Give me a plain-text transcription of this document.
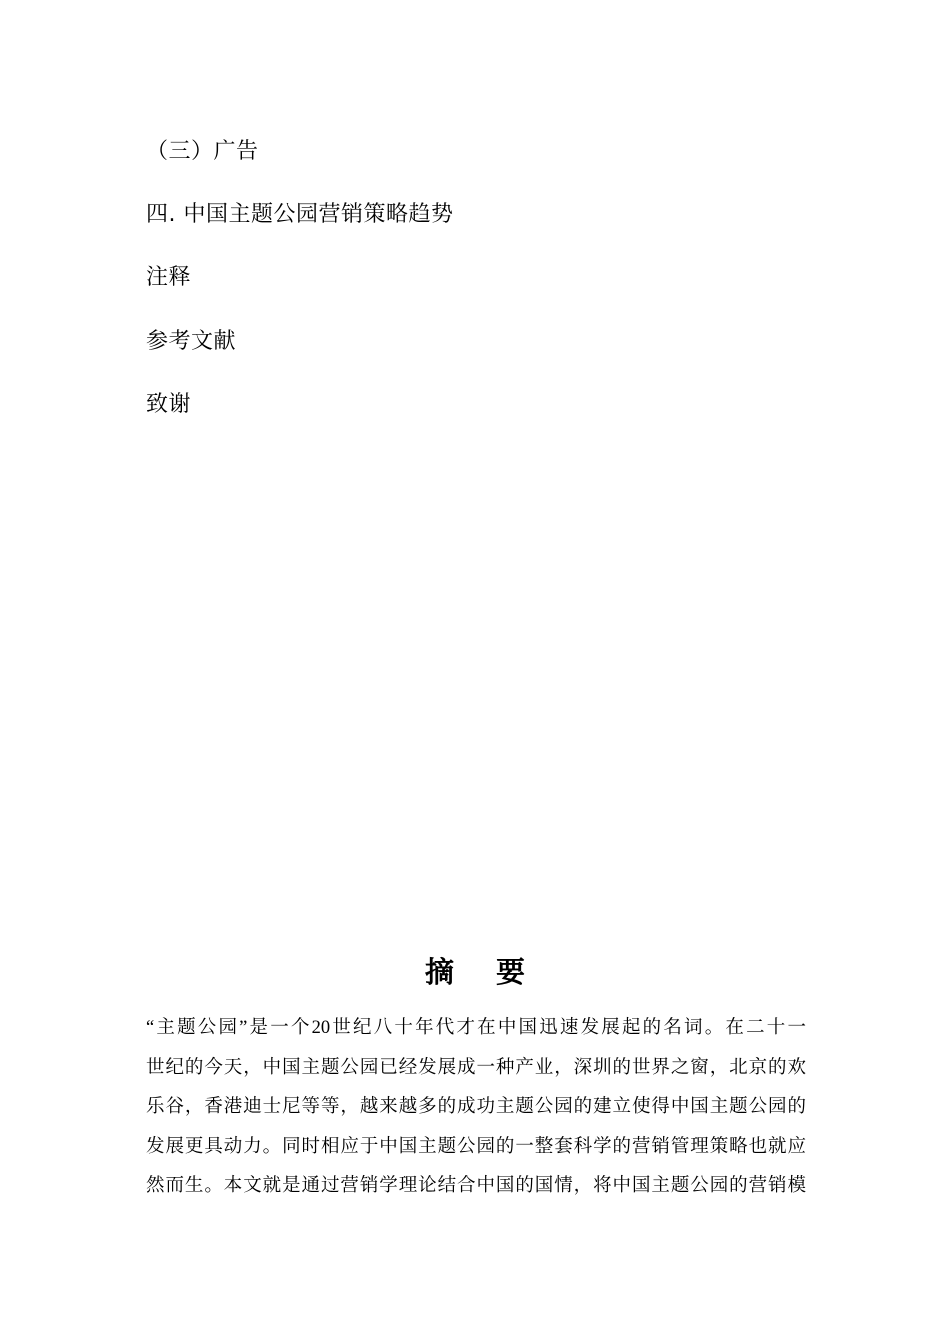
（三）广告
四. 中国主题公园营销策略趋势
注释
参考文献
致谢
摘 要
“主题公园”是一个20世纪八十年代才在中国迅速发展起的名词。在二十一
世纪的今天，中国主题公园已经发展成一种产业，深圳的世界之窗，北京的欢
乐谷，香港迪士尼等等，越来越多的成功主题公园的建立使得中国主题公园的
发展更具动力。同时相应于中国主题公园的一整套科学的营销管理策略也就应
然而生。本文就是通过营销学理论结合中国的国情，将中国主题公园的营销模
